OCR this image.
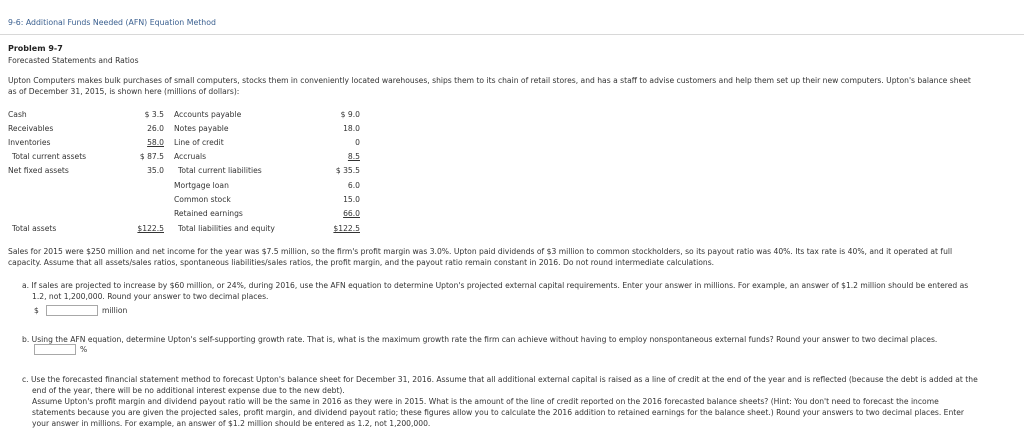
9-6: Additional Funds Needed (AFN) Equation Method
Problem 9-7
Forecasted Statements and Ratios
Upton Computers makes bulk purchases of small computers, stocks them in conveniently located warehouses, ships them to its chain of retail stores, and has a staff to advise customers and help them set up their new computers. Upton's balance sheet
as of December 31, 2015, is shown here (millions of dollars):
Cash
Receivables
Inventories
Total current assets
Net fixed assets
Total assets
$ 3.5
26.0
58.0
$ 87.5
35.0
$122.5
Accounts payable
Notes payable
Line of credit
Accruals
Total current liabilities
Mortgage loan
Common stock
Retained earnings
Total liabilities and equity
$ 9.0
18.0
0
8.5
$ 35.5
6.0
15.0
66.0
$122.5
Sales for 2015 were $250 million and net income for the year was $7.5 million, so the firm's profit margin was 3.0%. Upton paid dividends of $3 million to common stockholders, so its payout ratio was 40%. Its tax rate is 40%, and it operated at full
capacity. Assume that all assets/sales ratios, spontaneous liabilities/sales ratios, the profit margin, and the payout ratio remain constant in 2016. Do not round intermediate calculations.
a. If sales are projected to increase by $60 million, or 24%, during 2016, use the AFN equation to determine Upton's projected external capital requirements. Enter your answer in millions. For example, an answer of $1.2 million should be entered as
1.2, not 1,200,000. Round your answer to two decimal places.
$	million
b. Using the AFN equation, determine Upton's self-supporting growth rate. That is, what is the maximum growth rate the firm can achieve without having to employ nonspontaneous external funds? Round your answer to two decimal places.
%
c. Use the forecasted financial statement method to forecast Upton's balance sheet for December 31, 2016. Assume that all additional external capital is raised as a line of credit at the end of the year and is reflected (because the debt is added at the
end of the year, there will be no additional interest expense due to the new debt).
Assume Upton's profit margin and dividend payout ratio will be the same in 2016 as they were in 2015. What is the amount of the line of credit reported on the 2016 forecasted balance sheets? (Hint: You don't need to forecast the income
statements because you are given the projected sales, profit margin, and dividend payout ratio; these figures allow you to calculate the 2016 addition to retained earnings for the balance sheet.) Round your answers to two decimal places. Enter
your answer in millions. For example, an answer of $1.2 million should be entered as 1.2, not 1,200,000.
